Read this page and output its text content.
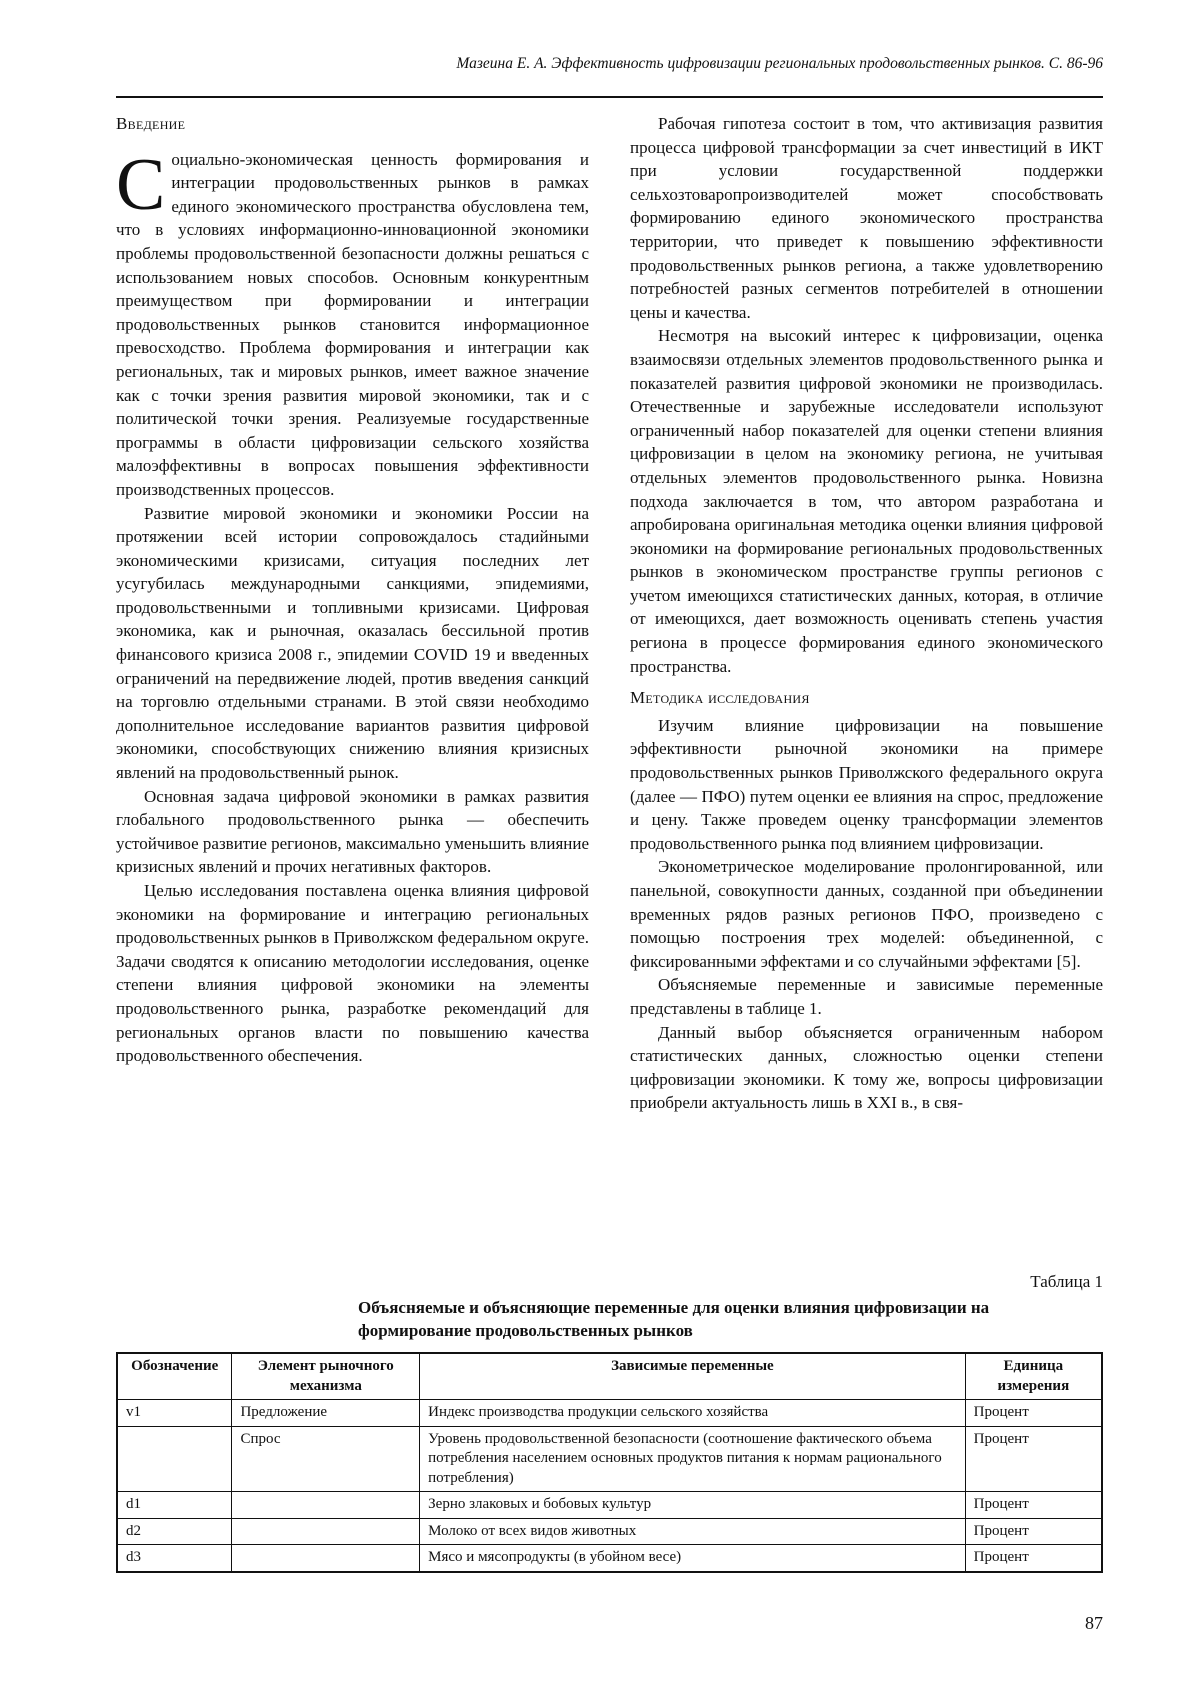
Мазеина Е. А. Эффективность цифровизации региональных продовольственных рынков. С. 86-96
Введение

Социально-экономическая ценность формирования и интеграции продовольственных рынков в рамках единого экономического пространства обусловлена тем, что в условиях информационно-инновационной экономики проблемы продовольственной безопасности должны решаться с использованием новых способов. Основным конкурентным преимуществом при формировании и интеграции продовольственных рынков становится информационное превосходство. Проблема формирования и интеграции как региональных, так и мировых рынков, имеет важное значение как с точки зрения развития мировой экономики, так и с политической точки зрения. Реализуемые государственные программы в области цифровизации сельского хозяйства малоэффективны в вопросах повышения эффективности производственных процессов.

Развитие мировой экономики и экономики России на протяжении всей истории сопровождалось стадийными экономическими кризисами, ситуация последних лет усугубилась международными санкциями, эпидемиями, продовольственными и топливными кризисами. Цифровая экономика, как и рыночная, оказалась бессильной против финансового кризиса 2008 г., эпидемии COVID 19 и введенных ограничений на передвижение людей, против введения санкций на торговлю отдельными странами. В этой связи необходимо дополнительное исследование вариантов развития цифровой экономики, способствующих снижению влияния кризисных явлений на продовольственный рынок.

Основная задача цифровой экономики в рамках развития глобального продовольственного рынка — обеспечить устойчивое развитие регионов, максимально уменьшить влияние кризисных явлений и прочих негативных факторов.

Целью исследования поставлена оценка влияния цифровой экономики на формирование и интеграцию региональных продовольственных рынков в Приволжском федеральном округе. Задачи сводятся к описанию методологии исследования, оценке степени влияния цифровой экономики на элементы продовольственного рынка, разработке рекомендаций для региональных органов власти по повышению качества продовольственного обеспечения.

Рабочая гипотеза состоит в том, что активизация развития процесса цифровой трансформации за счет инвестиций в ИКТ при условии государственной поддержки сельхозтоваропроизводителей может способствовать формированию единого экономического пространства территории, что приведет к повышению эффективности продовольственных рынков региона, а также удовлетворению потребностей разных сегментов потребителей в отношении цены и качества.

Несмотря на высокий интерес к цифровизации, оценка взаимосвязи отдельных элементов продовольственного рынка и показателей развития цифровой экономики не производилась. Отечественные и зарубежные исследователи используют ограниченный набор показателей для оценки степени влияния цифровизации в целом на экономику региона, не учитывая отдельных элементов продовольственного рынка. Новизна подхода заключается в том, что автором разработана и апробирована оригинальная методика оценки влияния цифровой экономики на формирование региональных продовольственных рынков в экономическом пространстве группы регионов с учетом имеющихся статистических данных, которая, в отличие от имеющихся, дает возможность оценивать степень участия региона в процессе формирования единого экономического пространства.

Методика исследования

Изучим влияние цифровизации на повышение эффективности рыночной экономики на примере продовольственных рынков Приволжского федерального округа (далее — ПФО) путем оценки ее влияния на спрос, предложение и цену. Также проведем оценку трансформации элементов продовольственного рынка под влиянием цифровизации.

Эконометрическое моделирование пролонгированной, или панельной, совокупности данных, созданной при объединении временных рядов разных регионов ПФО, произведено с помощью построения трех моделей: объединенной, с фиксированными эффектами и со случайными эффектами [5].

Объясняемые переменные и зависимые переменные представлены в таблице 1.

Данный выбор объясняется ограниченным набором статистических данных, сложностью оценки степени цифровизации экономики. К тому же, вопросы цифровизации приобрели актуальность лишь в XXI в., в свя-

Таблица 1
Объясняемые и объясняющие переменные для оценки влияния цифровизации на формирование продовольственных рынков
Обозначение	Элемент рыночного механизма	Зависимые переменные	Единица измерения
v1	Предложение	Индекс производства продукции сельского хозяйства	Процент
	Спрос	Уровень продовольственной безопасности (соотношение фактического объема потребления населением основных продуктов питания к нормам рационального потребления)	Процент
d1		Зерно злаковых и бобовых культур	Процент
d2		Молоко от всех видов животных	Процент
d3		Мясо и мясопродукты (в убойном весе)	Процент
87
